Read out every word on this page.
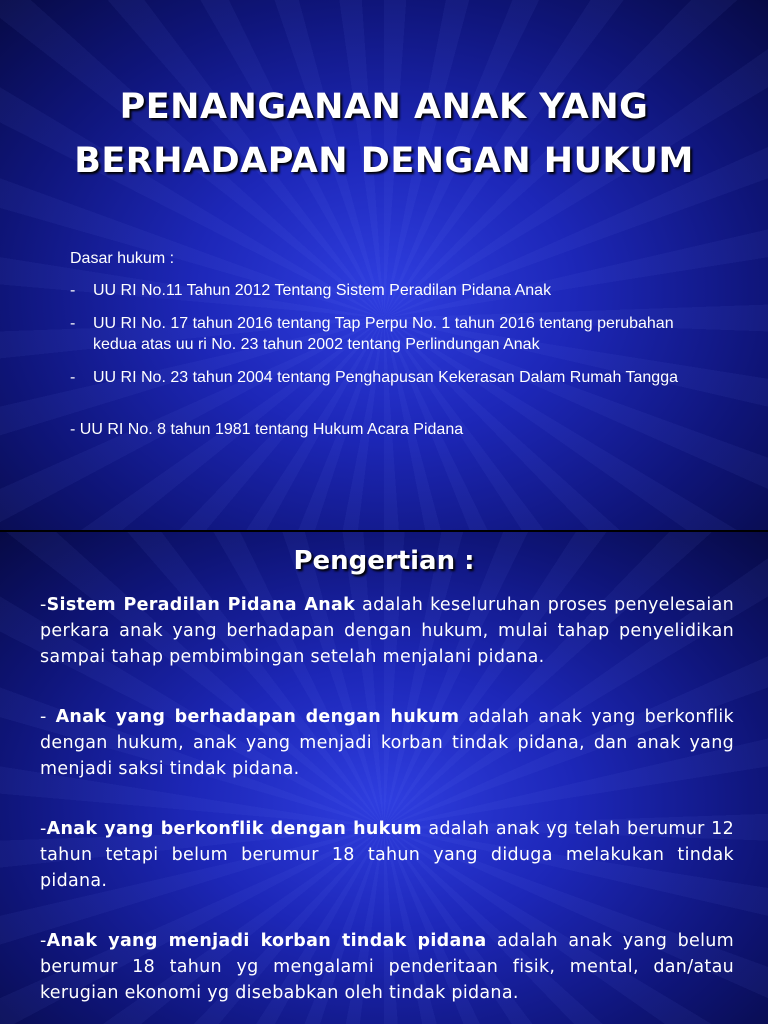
PENANGANAN ANAK YANG BERHADAPAN DENGAN HUKUM
Dasar hukum :
- UU RI No.11 Tahun 2012 Tentang Sistem Peradilan Pidana Anak
- UU RI No. 17 tahun 2016 tentang Tap Perpu No. 1 tahun 2016 tentang perubahan kedua atas uu ri No. 23 tahun 2002 tentang Perlindungan Anak
- UU RI No. 23 tahun 2004 tentang Penghapusan Kekerasan Dalam Rumah Tangga
- UU RI No. 8 tahun 1981 tentang Hukum Acara Pidana
Pengertian :

-Sistem Peradilan Pidana Anak adalah keseluruhan proses penyelesaian perkara anak yang berhadapan dengan hukum, mulai tahap penyelidikan sampai tahap pembimbingan setelah menjalani pidana.

- Anak yang berhadapan dengan hukum adalah anak yang berkonflik dengan hukum, anak yang menjadi korban tindak pidana, dan anak yang menjadi saksi tindak pidana.

-Anak yang berkonflik dengan hukum adalah anak yg telah berumur 12 tahun tetapi belum berumur 18 tahun yang diduga melakukan tindak pidana.

-Anak yang menjadi korban tindak pidana adalah anak yang belum berumur 18 tahun yg mengalami penderitaan fisik, mental, dan/atau kerugian ekonomi yg disebabkan oleh tindak pidana.
